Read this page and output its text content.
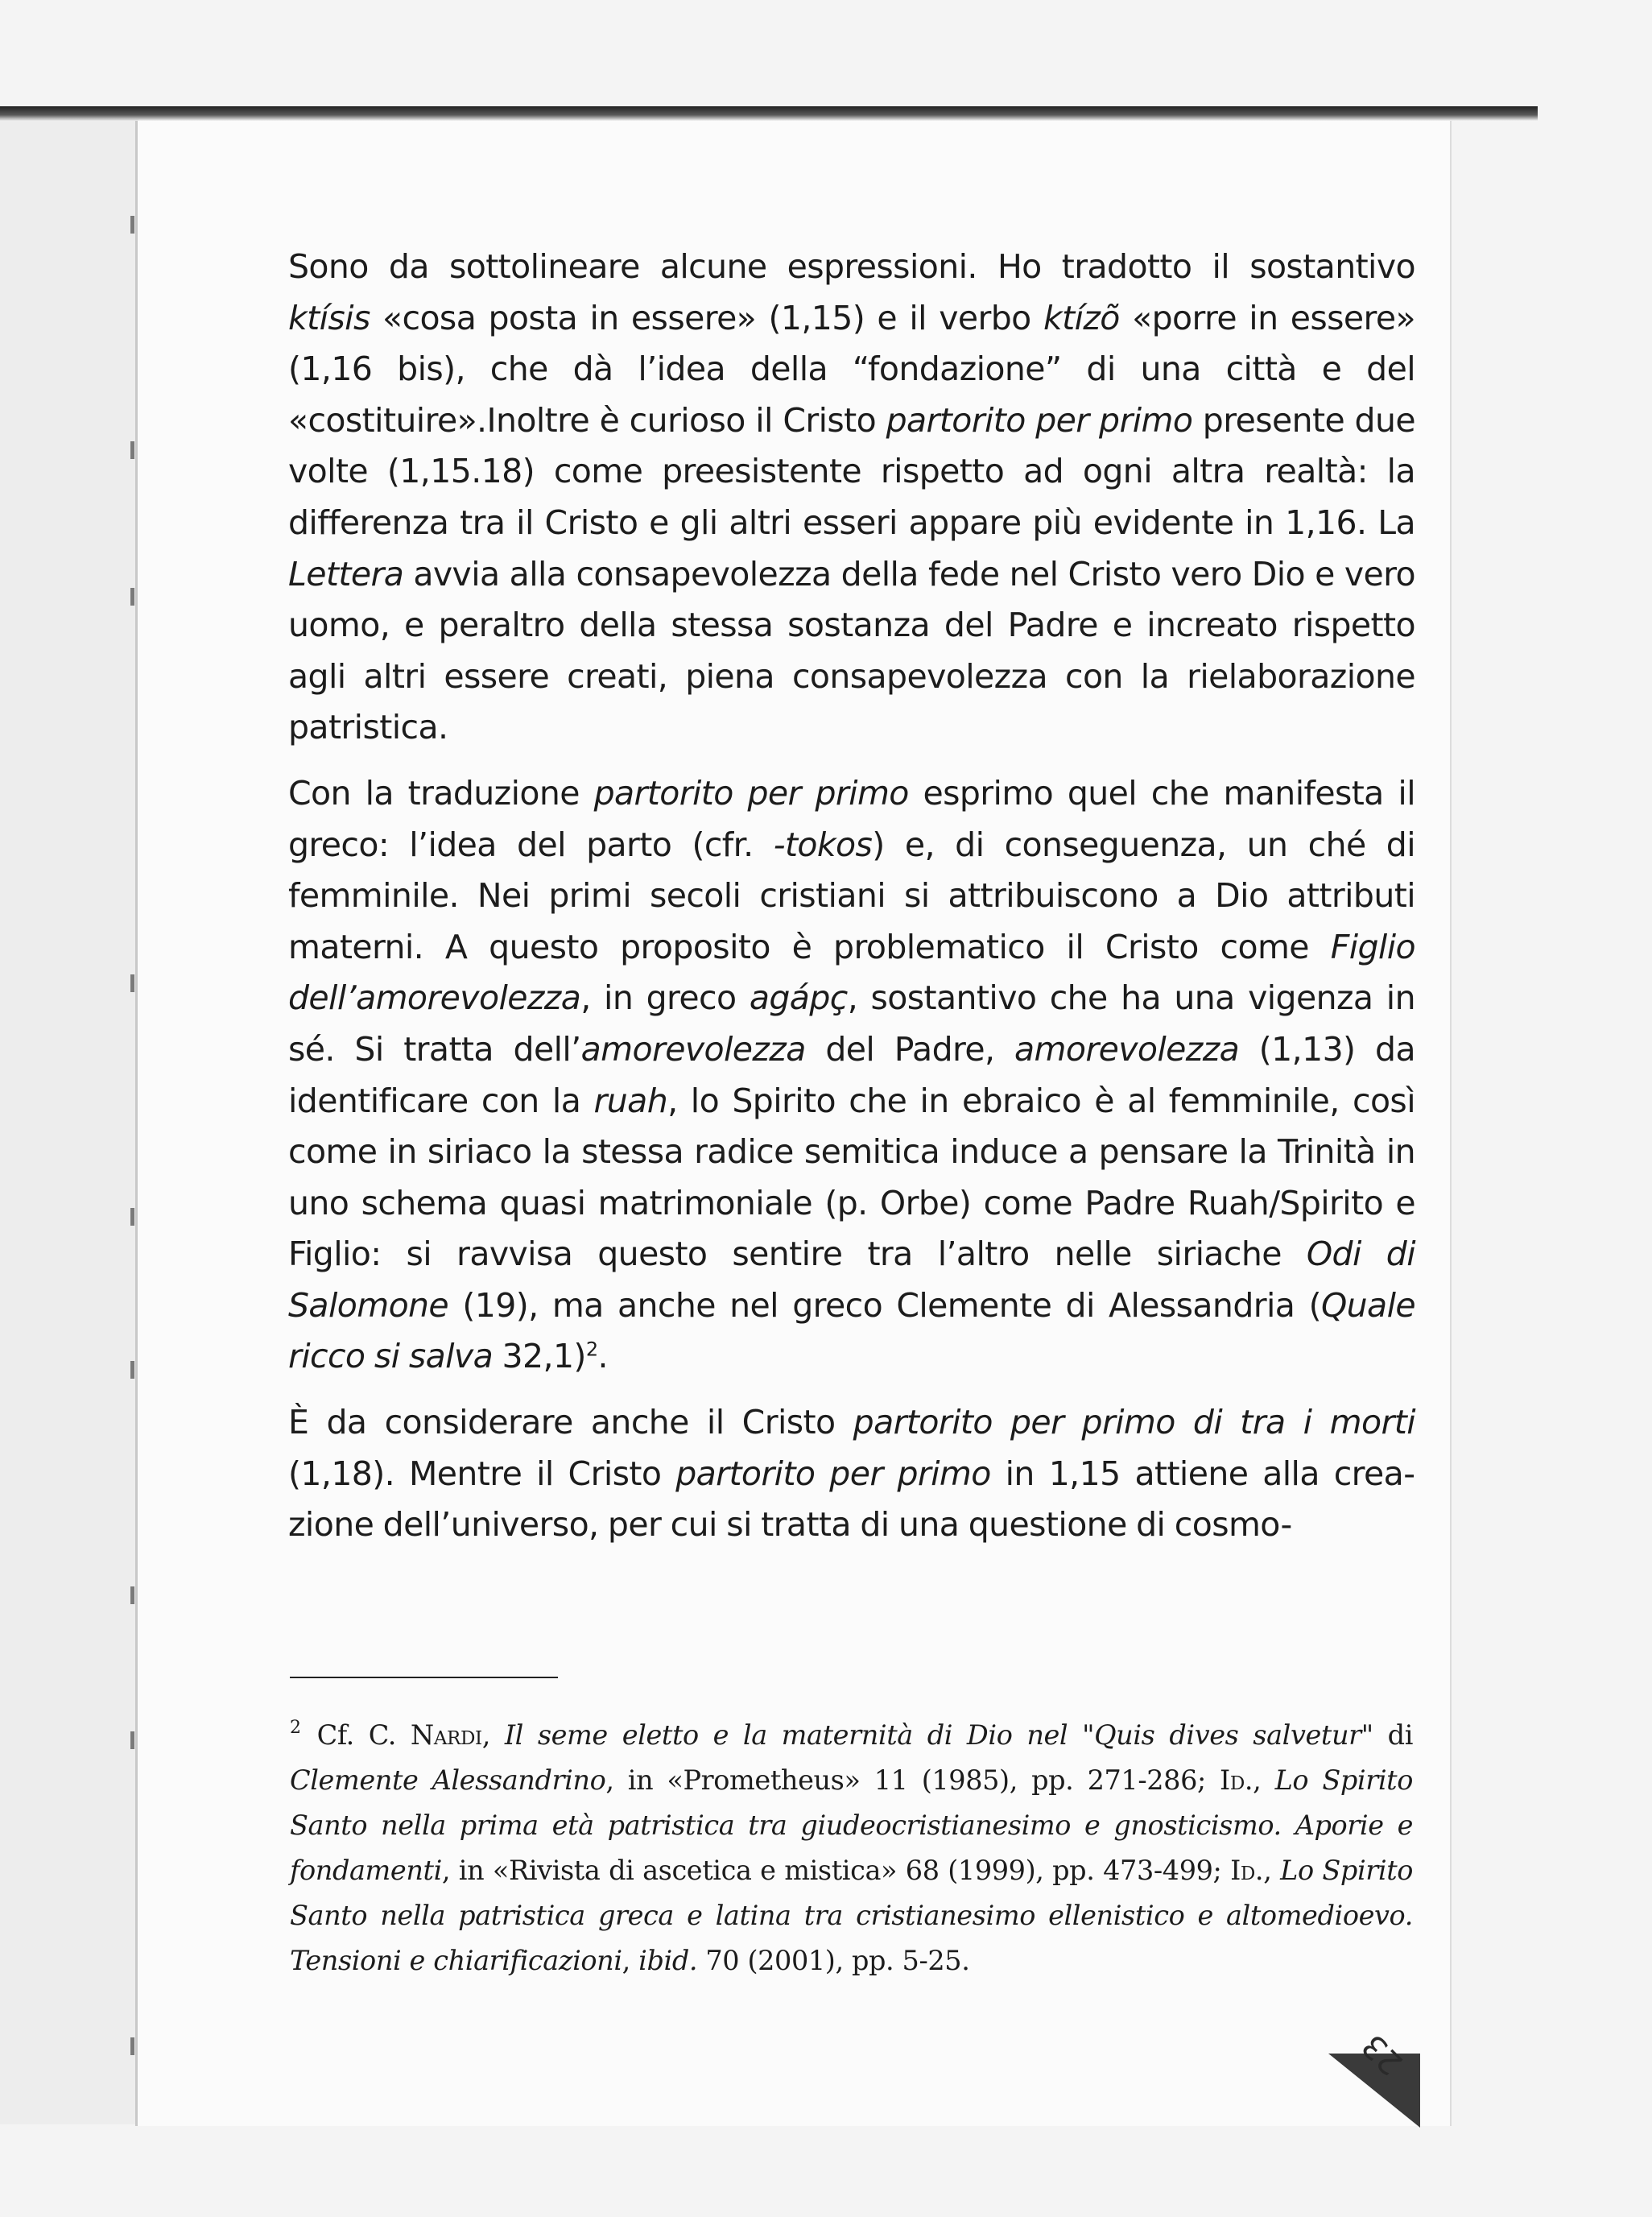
Sono da sottolineare alcune espressioni. Ho tradotto il sostantivo ktísis «cosa posta in essere» (1,15) e il verbo ktízõ «porre in essere» (1,16 bis), che dà l’idea della “fondazione” di una città e del «costituire».Inoltre è curioso il Cristo partorito per primo presente due volte (1,15.18) come preesistente rispetto ad ogni altra realtà: la differenza tra il Cristo e gli altri esseri appare più evidente in 1,16. La Lettera avvia alla consapevolezza della fede nel Cristo vero Dio e vero uomo, e peraltro della stessa sostanza del Padre e increato rispetto agli altri essere creati, piena consapevolezza con la rielaborazione patristica.

Con la traduzione partorito per primo esprimo quel che manifesta il greco: l’idea del parto (cfr. -tokos) e, di conseguenza, un ché di femminile. Nei primi secoli cristiani si attribuiscono a Dio attributi materni. A questo proposito è problematico il Cristo come Figlio dell’amorevolezza, in greco agápç, sostantivo che ha una vigenza in sé. Si tratta dell’amorevolezza del Padre, amorevolezza (1,13) da identificare con la ruah, lo Spirito che in ebraico è al femminile, così come in siriaco la stessa radice semitica induce a pensare la Trinità in uno schema quasi matrimoniale (p. Orbe) come Padre Ruah/Spirito e Figlio: si ravvisa questo sentire tra l’altro nelle siriache Odi di Salomone (19), ma anche nel greco Clemente di Alessandria (Quale ricco si salva 32,1)$^2$.

È da considerare anche il Cristo partorito per primo di tra i morti (1,18). Mentre il Cristo partorito per primo in 1,15 attiene alla creazione dell’universo, per cui si tratta di una questione di cosmo-

$^2$ Cf. C. Nardi, Il seme eletto e la maternità di Dio nel "Quis dives salvetur" di Clemente Alessandrino, in «Prometheus» 11 (1985), pp. 271-286; Id., Lo Spirito Santo nella prima età patristica tra giudeocristianesimo e gnosticismo. Aporie e fondamenti, in «Rivista di ascetica e mistica» 68 (1999), pp. 473-499; Id., Lo Spirito Santo nella patristica greca e latina tra cristianesimo ellenistico e altomedioevo. Tensioni e chiarificazioni, ibid. 70 (2001), pp. 5-25.
23
